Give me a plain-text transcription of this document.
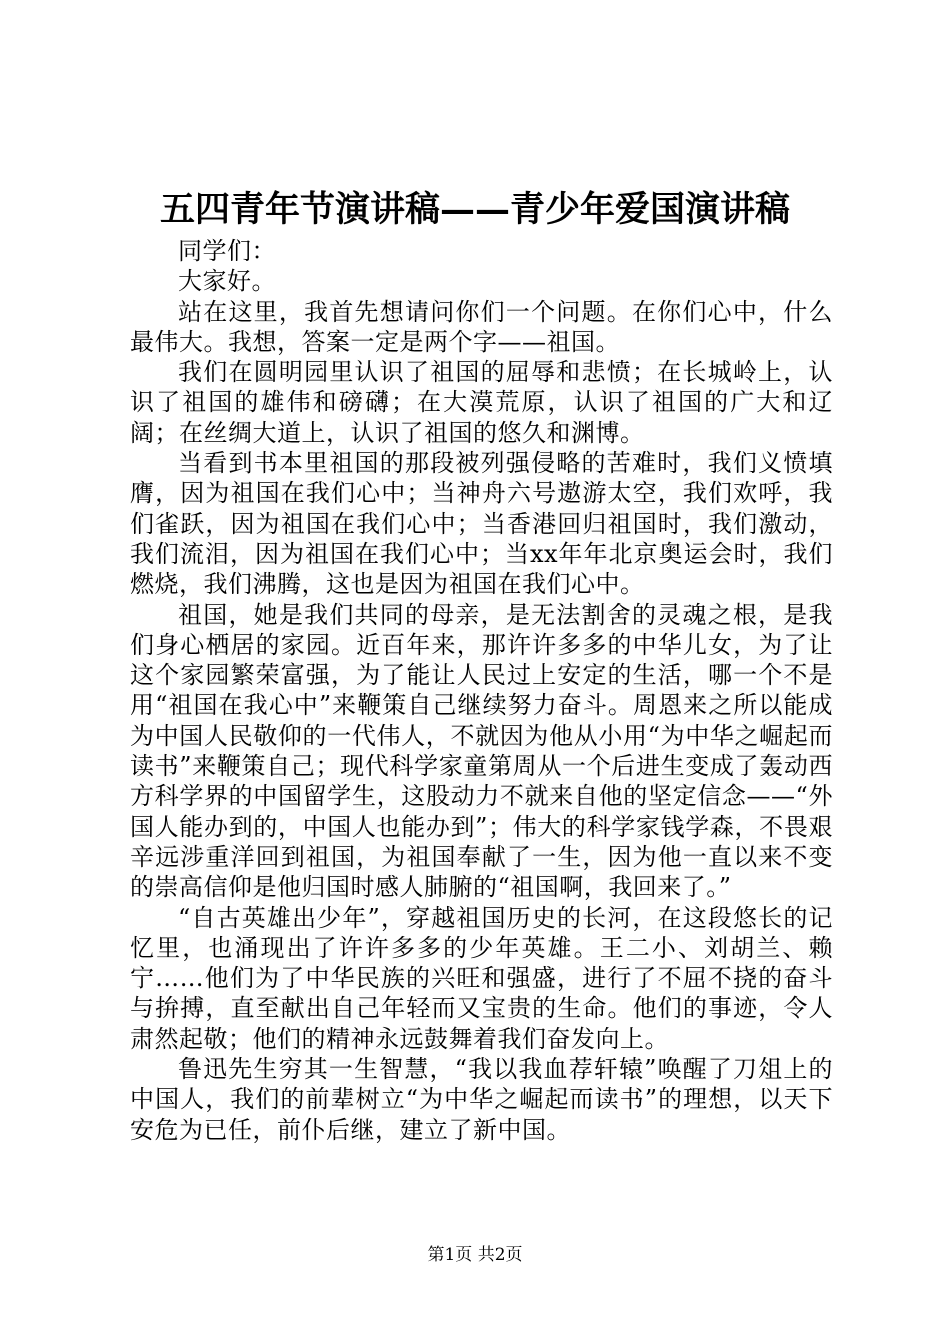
五四青年节演讲稿——青少年爱国演讲稿

同学们：

大家好。

站在这里，我首先想请问你们一个问题。在你们心中，什么最伟大。我想，答案一定是两个字——祖国。

我们在圆明园里认识了祖国的屈辱和悲愤；在长城岭上，认识了祖国的雄伟和磅礴；在大漠荒原，认识了祖国的广大和辽阔；在丝绸大道上，认识了祖国的悠久和渊博。

当看到书本里祖国的那段被列强侵略的苦难时，我们义愤填膺，因为祖国在我们心中；当神舟六号遨游太空，我们欢呼，我们雀跃，因为祖国在我们心中；当香港回归祖国时，我们激动，我们流泪，因为祖国在我们心中；当xx年年北京奥运会时，我们燃烧，我们沸腾，这也是因为祖国在我们心中。

祖国，她是我们共同的母亲，是无法割舍的灵魂之根，是我们身心栖居的家园。近百年来，那许许多多的中华儿女，为了让这个家园繁荣富强，为了能让人民过上安定的生活，哪一个不是用“祖国在我心中”来鞭策自己继续努力奋斗。周恩来之所以能成为中国人民敬仰的一代伟人，不就因为他从小用“为中华之崛起而读书”来鞭策自己；现代科学家童第周从一个后进生变成了轰动西方科学界的中国留学生，这股动力不就来自他的坚定信念——“外国人能办到的，中国人也能办到”；伟大的科学家钱学森，不畏艰辛远涉重洋回到祖国，为祖国奉献了一生，因为他一直以来不变的崇高信仰是他归国时感人肺腑的“祖国啊，我回来了。”

“自古英雄出少年”，穿越祖国历史的长河，在这段悠长的记忆里，也涌现出了许许多多的少年英雄。王二小、刘胡兰、赖宁……他们为了中华民族的兴旺和强盛，进行了不屈不挠的奋斗与拚搏，直至献出自己年轻而又宝贵的生命。他们的事迹，令人肃然起敬；他们的精神永远鼓舞着我们奋发向上。

鲁迅先生穷其一生智慧，“我以我血荐轩辕”唤醒了刀俎上的中国人，我们的前辈树立“为中华之崛起而读书”的理想，以天下安危为已任，前仆后继，建立了新中国。

第1页 共2页
